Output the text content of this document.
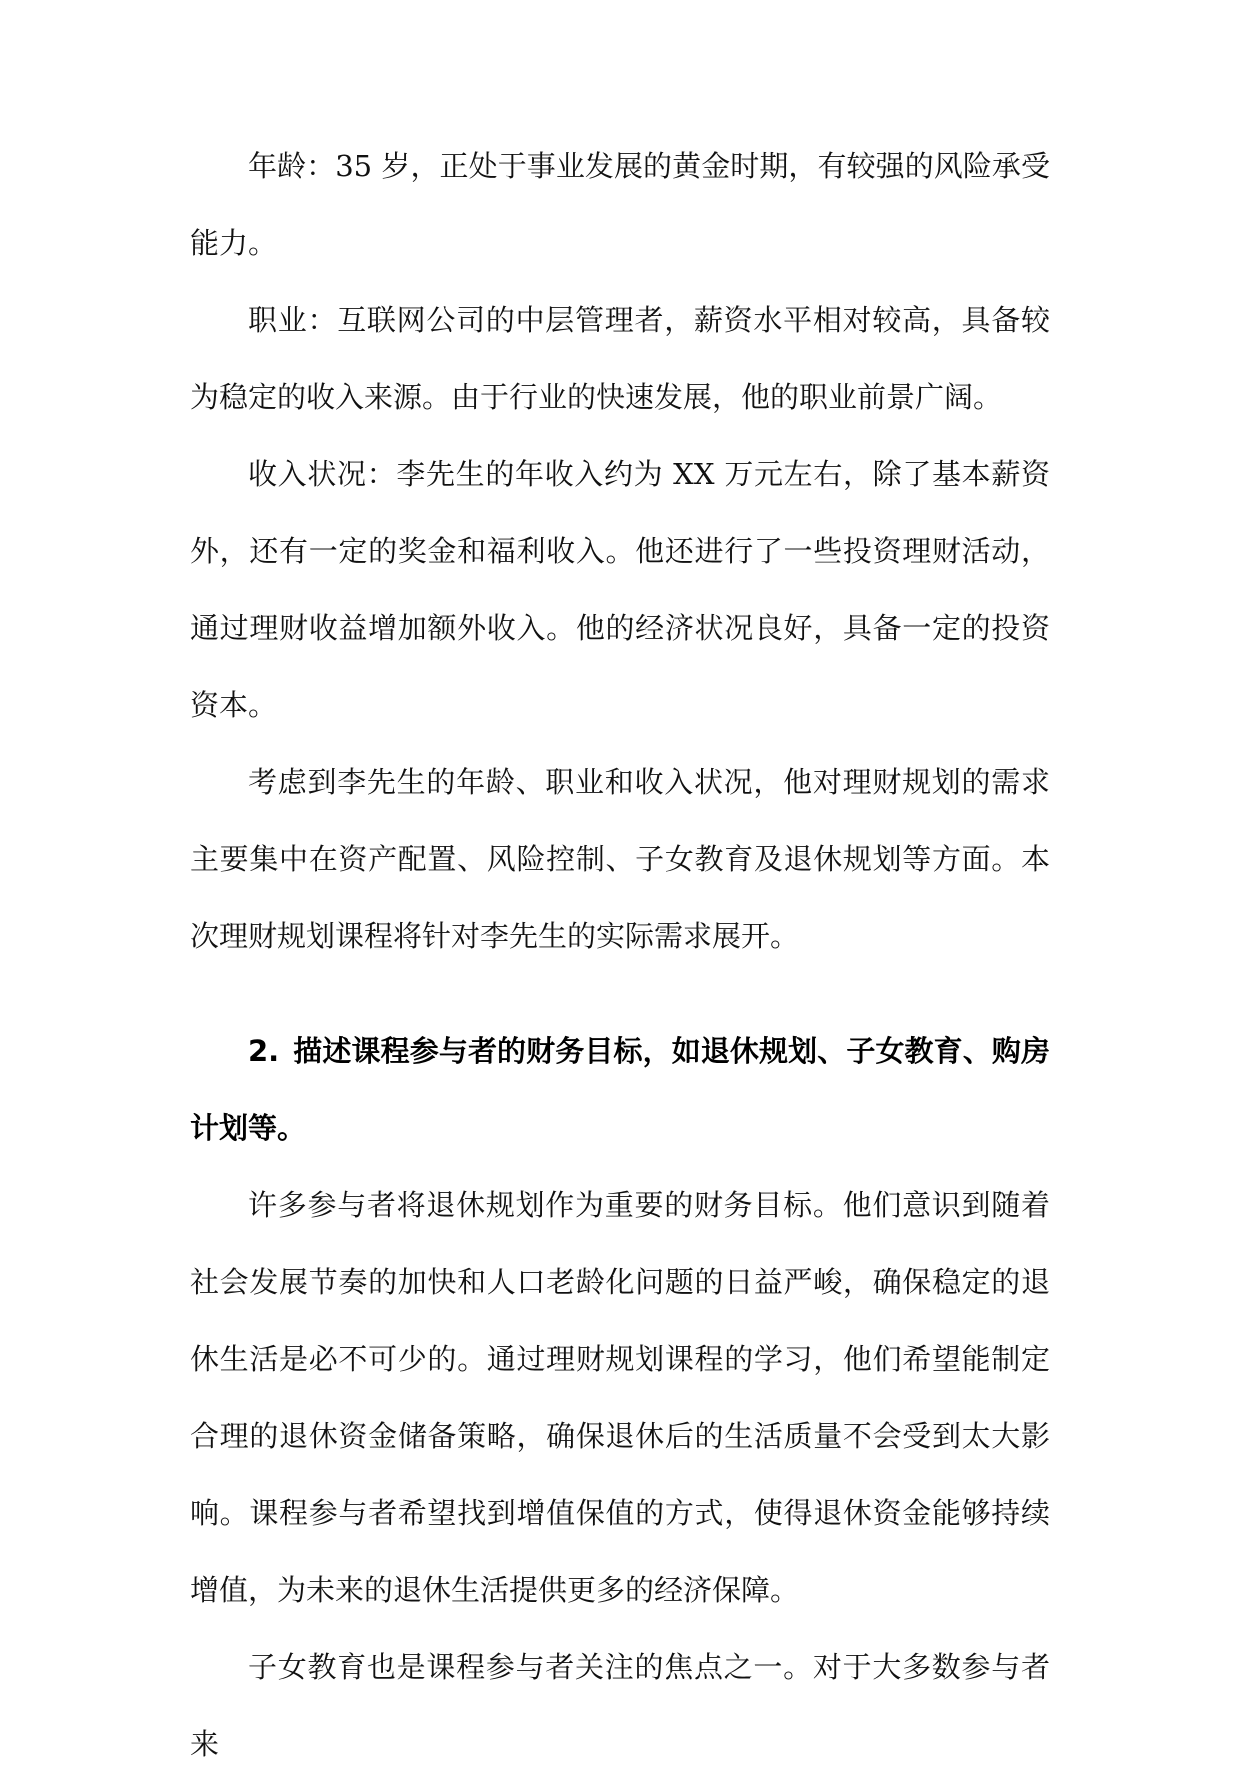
年龄：35 岁，正处于事业发展的黄金时期，有较强的风险承受能力。

职业：互联网公司的中层管理者，薪资水平相对较高，具备较为稳定的收入来源。由于行业的快速发展，他的职业前景广阔。

收入状况：李先生的年收入约为 XX 万元左右，除了基本薪资外，还有一定的奖金和福利收入。他还进行了一些投资理财活动，通过理财收益增加额外收入。他的经济状况良好，具备一定的投资资本。

考虑到李先生的年龄、职业和收入状况，他对理财规划的需求主要集中在资产配置、风险控制、子女教育及退休规划等方面。本次理财规划课程将针对李先生的实际需求展开。

2. 描述课程参与者的财务目标，如退休规划、子女教育、购房计划等。

许多参与者将退休规划作为重要的财务目标。他们意识到随着社会发展节奏的加快和人口老龄化问题的日益严峻，确保稳定的退休生活是必不可少的。通过理财规划课程的学习，他们希望能制定合理的退休资金储备策略，确保退休后的生活质量不会受到太大影响。课程参与者希望找到增值保值的方式，使得退休资金能够持续增值，为未来的退休生活提供更多的经济保障。

子女教育也是课程参与者关注的焦点之一。对于大多数参与者来
